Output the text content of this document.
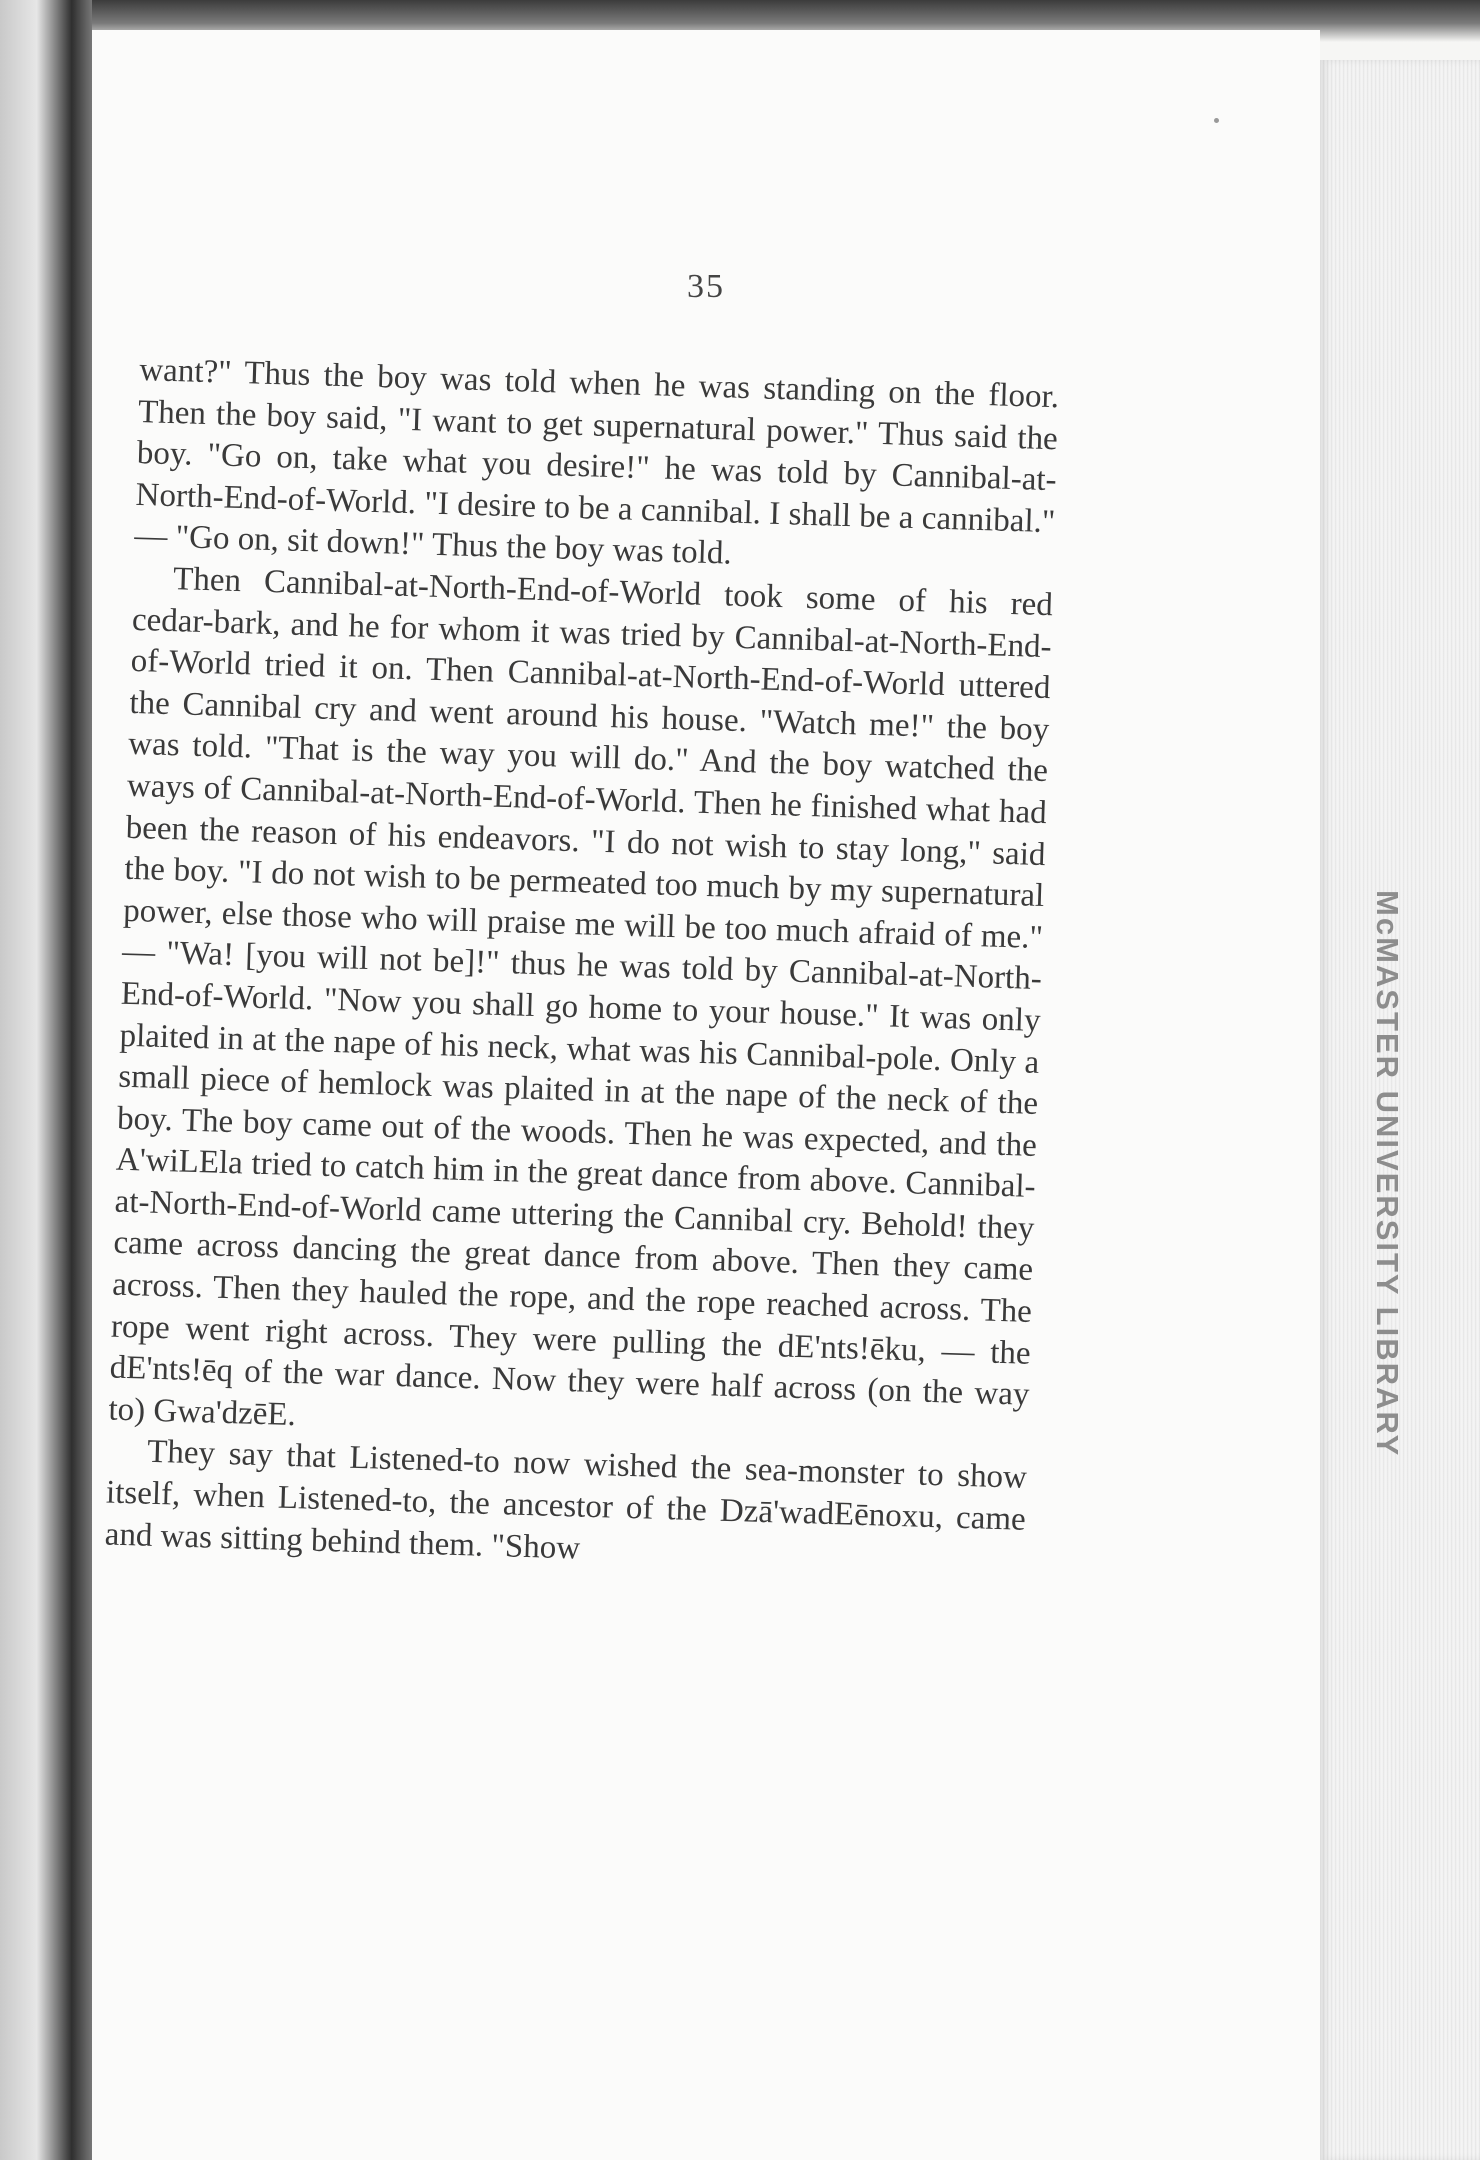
35

want?" Thus the boy was told when he was standing on the floor. Then the boy said, "I want to get supernatural power." Thus said the boy. "Go on, take what you desire!" he was told by Cannibal-at-North-End-of-World. "I desire to be a cannibal. I shall be a cannibal." — "Go on, sit down!" Thus the boy was told.

Then Cannibal-at-North-End-of-World took some of his red cedar-bark, and he for whom it was tried by Cannibal-at-North-End-of-World tried it on. Then Cannibal-at-North-End-of-World uttered the Cannibal cry and went around his house. "Watch me!" the boy was told. "That is the way you will do." And the boy watched the ways of Cannibal-at-North-End-of-World. Then he finished what had been the reason of his endeavors. "I do not wish to stay long," said the boy. "I do not wish to be permeated too much by my supernatural power, else those who will praise me will be too much afraid of me." — "Wa! [you will not be]!" thus he was told by Cannibal-at-North-End-of-World. "Now you shall go home to your house." It was only plaited in at the nape of his neck, what was his Cannibal-pole. Only a small piece of hemlock was plaited in at the nape of the neck of the boy. The boy came out of the woods. Then he was expected, and the A'wiLEla tried to catch him in the great dance from above. Cannibal-at-North-End-of-World came uttering the Cannibal cry. Behold! they came across dancing the great dance from above. Then they came across. Then they hauled the rope, and the rope reached across. The rope went right across. They were pulling the dE'nts!ēku, — the dE'nts!ēq of the war dance. Now they were half across (on the way to) Gwa'dzēE.

They say that Listened-to now wished the sea-monster to show itself, when Listened-to, the ancestor of the Dzā'wadEēnoxu, came and was sitting behind them. "Show

McMASTER UNIVERSITY LIBRARY
